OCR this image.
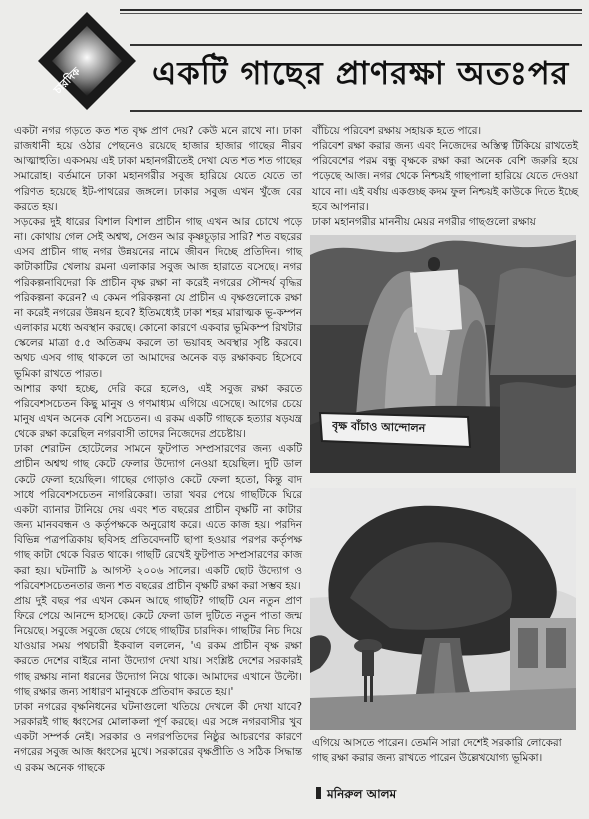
চারদিক একটি গাছের প্রাণরক্ষা অতঃপর

একটা নগর গড়তে কত শত বৃক্ষ প্রাণ দেয়? কেউ মনে রাখে না। ঢাকা রাজধানী হয়ে ওঠার পেছনেও রয়েছে হাজার হাজার গাছের নীরব আত্মাহুতি। একসময় এই ঢাকা মহানগরীতেই দেখা যেত শত শত গাছের সমারোহ। বর্তমানে ঢাকা মহানগরীর সবুজ হারিয়ে যেতে যেতে তা পরিণত হয়েছে ইট-পাথরের জঙ্গলে। ঢাকার সবুজ এখন খুঁজে বের করতে হয়।

সড়কের দুই ধারের বিশাল বিশাল প্রাচীন গাছ এখন আর চোখে পড়ে না। কোথায় গেল সেই অশ্বত্থ, সেগুন আর কৃষ্ণচূড়ার সারি? শত বছরের এসব প্রাচীন গাছ নগর উন্নয়নের নামে জীবন দিচ্ছে প্রতিদিন। গাছ কাটাকাটির খেলায় রমনা এলাকার সবুজ আজ হারাতে বসেছে। নগর পরিকল্পনাবিদেরা কি প্রাচীন বৃক্ষ রক্ষা না করেই নগরের সৌন্দর্য বৃদ্ধির পরিকল্পনা করেন? এ কেমন পরিকল্পনা যে প্রাচীন এ বৃক্ষগুলোকে রক্ষা না করেই নগরের উন্নয়ন হবে? ইতিমধ্যেই ঢাকা শহর মারাত্মক ভূ-কম্পন এলাকার মধ্যে অবস্থান করছে। কোনো কারণে একবার ভূমিকম্প রিখটার স্কেলের মাত্রা ৫.৫ অতিক্রম করলে তা ভয়াবহ অবস্থার সৃষ্টি করবে। অথচ এসব গাছ থাকলে তা আমাদের অনেক বড় রক্ষাকবচ হিসেবে ভূমিকা রাখতে পারত।

আশার কথা হচ্ছে, দেরি করে হলেও, এই সবুজ রক্ষা করতে পরিবেশসচেতন কিছু মানুষ ও গণমাধ্যম এগিয়ে এসেছে। আগের চেয়ে মানুষ এখন অনেক বেশি সচেতন। এ রকম একটি গাছকে হত্যার ষড়যন্ত্র থেকে রক্ষা করেছিল নগরবাসী তাদের নিজেদের প্রচেষ্টায়।

ঢাকা শেরাটন হোটেলের সামনে ফুটপাত সম্প্রসারণের জন্য একটি প্রাচীন অশ্বত্থ গাছ কেটে ফেলার উদ্যোগ নেওয়া হয়েছিল। দুটি ডাল কেটে ফেলা হয়েছিল। গাছের গোড়াও কেটে ফেলা হতো, কিন্তু বাদ সাধে পরিবেশসচেতন নাগরিকেরা। তারা খবর পেয়ে গাছটিকে ঘিরে একটা ব্যানার টানিয়ে দেয় এবং শত বছরের প্রাচীন বৃক্ষটি না কাটার জন্য মানববন্ধন ও কর্তৃপক্ষকে অনুরোধ করে। এতে কাজ হয়। পরদিন বিভিন্ন পত্রপত্রিকায় ছবিসহ প্রতিবেদনটি ছাপা হওয়ার পরপর কর্তৃপক্ষ গাছ কাটা থেকে বিরত থাকে। গাছটি রেখেই ফুটপাত সম্প্রসারণের কাজ করা হয়। ঘটনাটি ৯ আগস্ট ২০০৬ সালের। একটি ছোট উদ্যোগ ও পরিবেশসচেতনতার জন্য শত বছরের প্রাচীন বৃক্ষটি রক্ষা করা সম্ভব হয়।

প্রায় দুই বছর পর এখন কেমন আছে গাছটি? গাছটি যেন নতুন প্রাণ ফিরে পেয়ে আনন্দে হাসছে। কেটে ফেলা ডাল দুটিতে নতুন পাতা জন্ম নিয়েছে। সবুজে সবুজে ছেয়ে গেছে গাছটির চারদিক। গাছটির নিচ দিয়ে যাওয়ার সময় পথচারী ইকবাল বললেন, 'এ রকম প্রাচীন বৃক্ষ রক্ষা করতে দেশের বাইরে নানা উদ্যোগ দেখা যায়। সংশ্লিষ্ট দেশের সরকারই গাছ রক্ষায় নানা ধরনের উদ্যোগ নিয়ে থাকে। আমাদের এখানে উল্টো। গাছ রক্ষার জন্য সাধারণ মানুষকে প্রতিবাদ করতে হয়।'

ঢাকা নগরের বৃক্ষনিধনের ঘটনাগুলো খতিয়ে দেখলে কী দেখা যাবে? সরকারই গাছ ধ্বংসের মোলাকলা পূর্ণ করছে। এর সঙ্গে নগরবাসীর খুব একটা সম্পর্ক নেই। সরকার ও নগরপতিদের নিষ্ঠুর আচরণের কারণে নগরের সবুজ আজ ধ্বংসের মুখে। সরকারের বৃক্ষপ্রীতি ও সঠিক সিদ্ধান্ত এ রকম অনেক গাছকে

বাঁচিয়ে পরিবেশ রক্ষায় সহায়ক হতে পারে।

পরিবেশ রক্ষা করার জন্য এবং নিজেদের অস্তিত্ব টিকিয়ে রাখতেই পরিবেশের পরম বন্ধু বৃক্ষকে রক্ষা করা অনেক বেশি জরুরি হয়ে পড়েছে আজ। নগর থেকে নিশ্চয়ই গাছপালা হারিয়ে যেতে দেওয়া যাবে না। এই বর্ষায় একগুচ্ছ কদম ফুল নিশ্চয়ই কাউকে দিতে ইচ্ছে হবে আপনার।

ঢাকা মহানগরীর মাননীয় মেয়র নগরীর গাছগুলো রক্ষায়

বৃক্ষ বাঁচাও আন্দোলন
এগিয়ে আসতে পারেন। তেমনি সারা দেশেই সরকারি লোকেরা গাছ রক্ষা করার জন্য রাখতে পারেন উল্লেখযোগ্য ভূমিকা।
মনিরুল আলম
